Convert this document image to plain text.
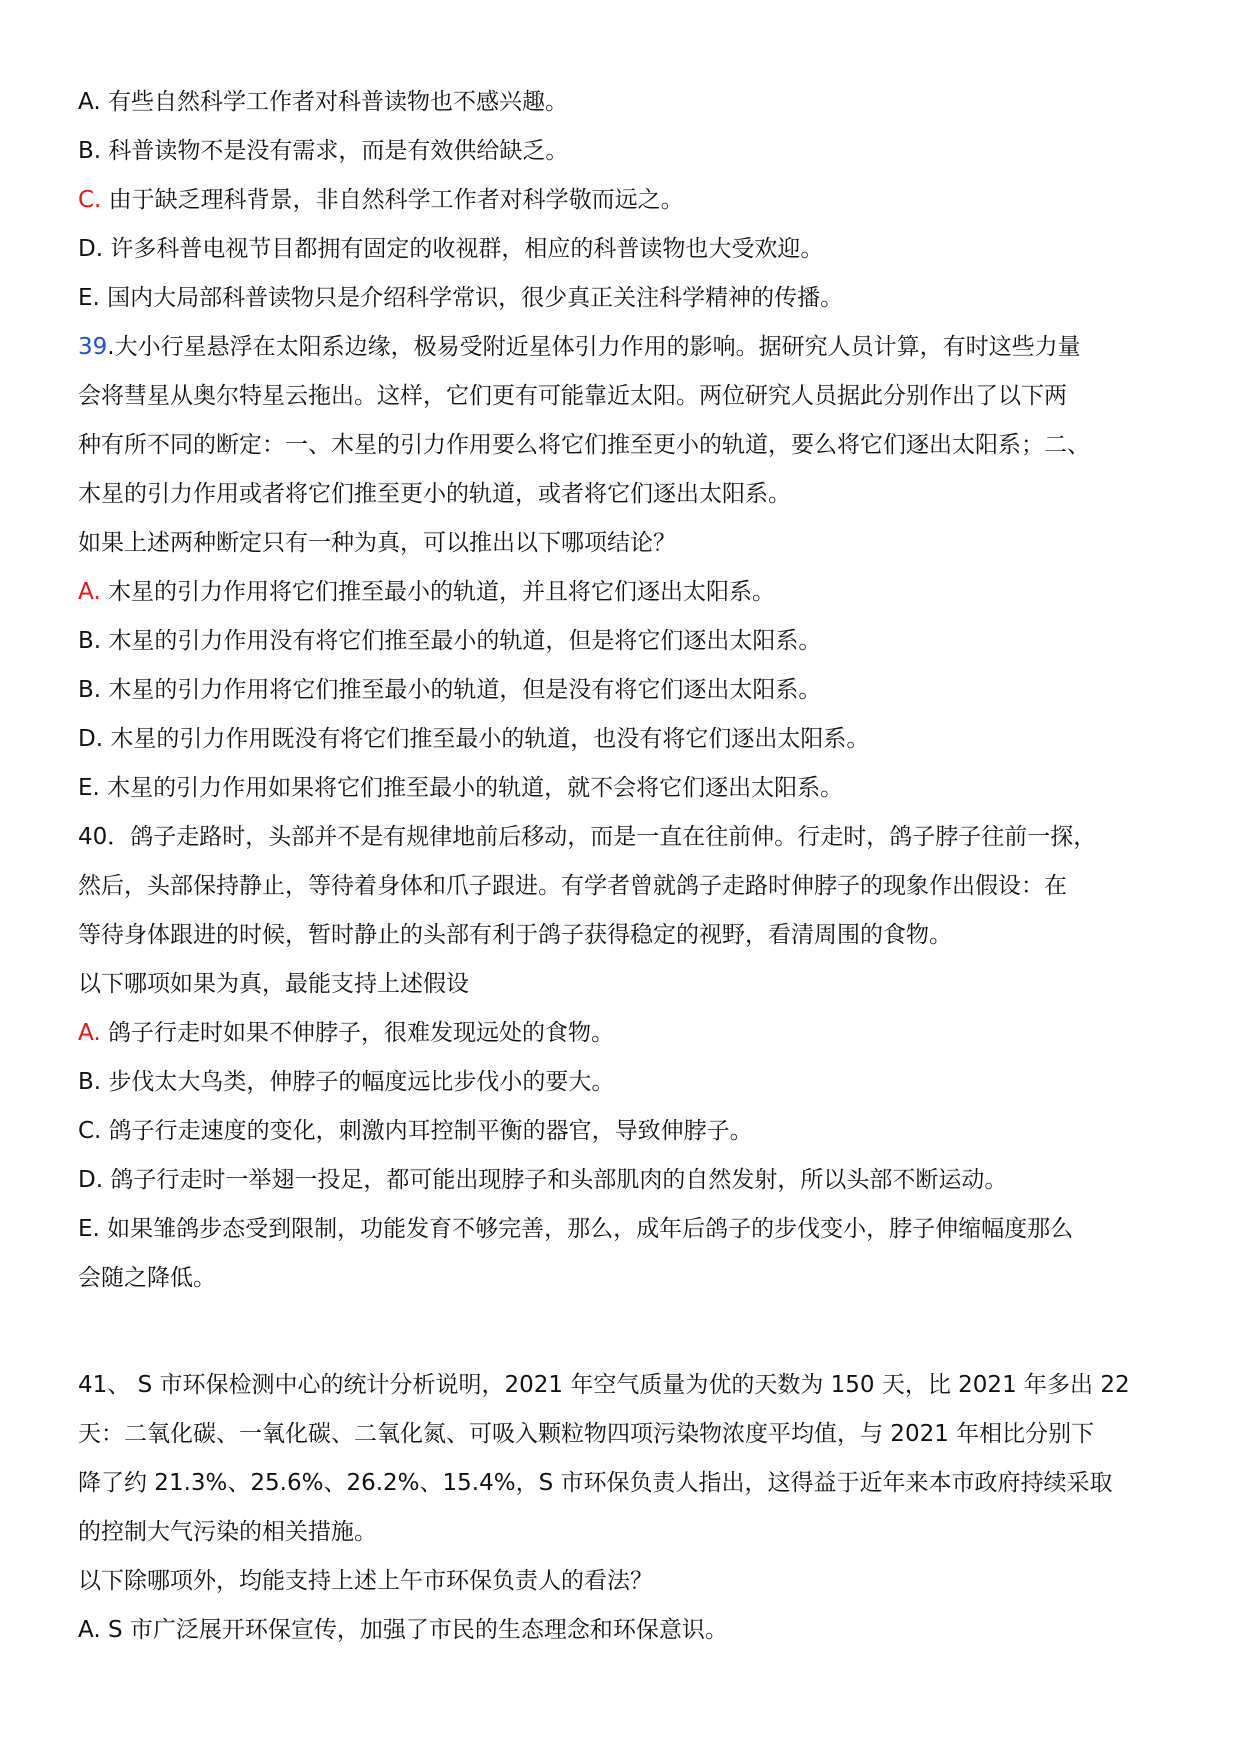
A. 有些自然科学工作者对科普读物也不感兴趣。
B. 科普读物不是没有需求，而是有效供给缺乏。
C. 由于缺乏理科背景，非自然科学工作者对科学敬而远之。
D. 许多科普电视节目都拥有固定的收视群，相应的科普读物也大受欢迎。
E. 国内大局部科普读物只是介绍科学常识，很少真正关注科学精神的传播。
39.大小行星悬浮在太阳系边缘，极易受附近星体引力作用的影响。据研究人员计算，有时这些力量
会将彗星从奥尔特星云拖出。这样，它们更有可能靠近太阳。两位研究人员据此分别作出了以下两
种有所不同的断定：一、木星的引力作用要么将它们推至更小的轨道，要么将它们逐出太阳系；二、
木星的引力作用或者将它们推至更小的轨道，或者将它们逐出太阳系。
如果上述两种断定只有一种为真，可以推出以下哪项结论？
A. 木星的引力作用将它们推至最小的轨道，并且将它们逐出太阳系。
B. 木星的引力作用没有将它们推至最小的轨道，但是将它们逐出太阳系。
B. 木星的引力作用将它们推至最小的轨道，但是没有将它们逐出太阳系。
D. 木星的引力作用既没有将它们推至最小的轨道，也没有将它们逐出太阳系。
E. 木星的引力作用如果将它们推至最小的轨道，就不会将它们逐出太阳系。
40．鸽子走路时，头部并不是有规律地前后移动，而是一直在往前伸。行走时，鸽子脖子往前一探，
然后，头部保持静止，等待着身体和爪子跟进。有学者曾就鸽子走路时伸脖子的现象作出假设：在
等待身体跟进的时候，暂时静止的头部有利于鸽子获得稳定的视野，看清周围的食物。
以下哪项如果为真，最能支持上述假设
A. 鸽子行走时如果不伸脖子，很难发现远处的食物。
B. 步伐太大鸟类，伸脖子的幅度远比步伐小的要大。
C. 鸽子行走速度的变化，刺激内耳控制平衡的器官，导致伸脖子。
D. 鸽子行走时一举翅一投足，都可能出现脖子和头部肌肉的自然发射，所以头部不断运动。
E. 如果雏鸽步态受到限制，功能发育不够完善，那么，成年后鸽子的步伐变小，脖子伸缩幅度那么
会随之降低。
41、 S 市环保检测中心的统计分析说明，2021 年空气质量为优的天数为 150 天，比 2021 年多出 22
天：二氧化碳、一氧化碳、二氧化氮、可吸入颗粒物四项污染物浓度平均值，与 2021 年相比分别下
降了约 21.3%、25.6%、26.2%、15.4%，S 市环保负责人指出，这得益于近年来本市政府持续采取
的控制大气污染的相关措施。
以下除哪项外，均能支持上述上午市环保负责人的看法？
A. S 市广泛展开环保宣传，加强了市民的生态理念和环保意识。
